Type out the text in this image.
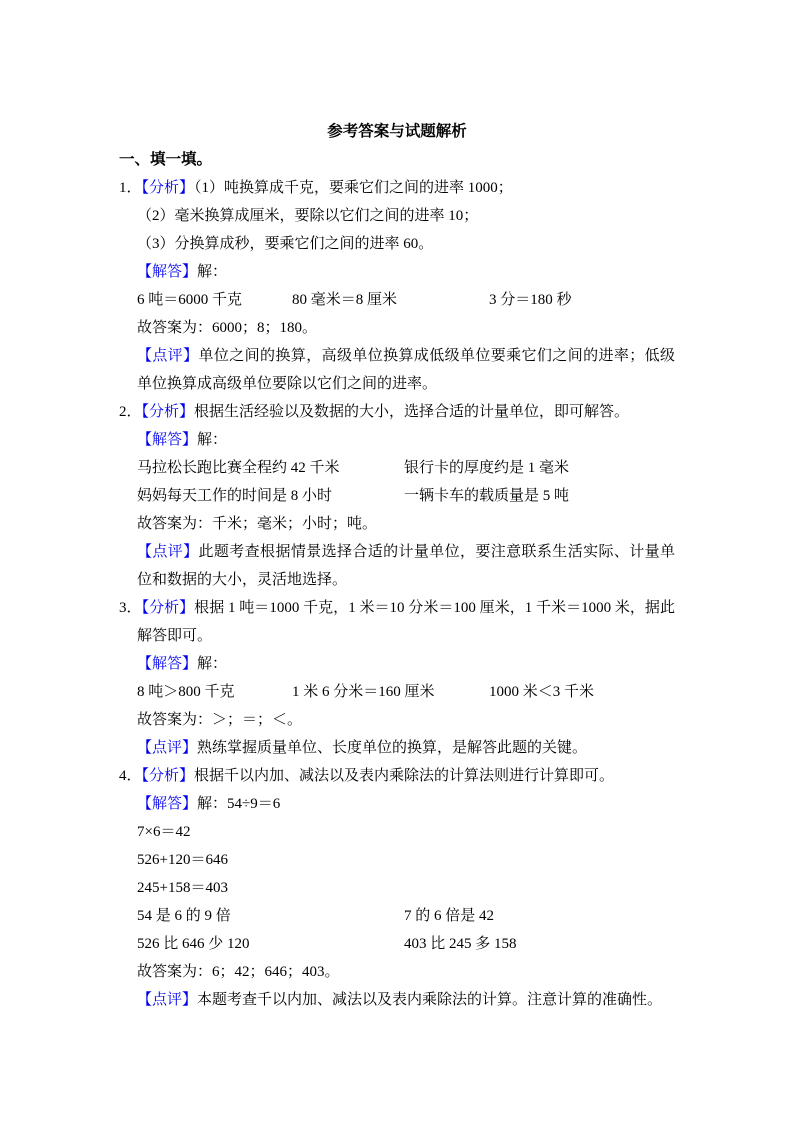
参考答案与试题解析

一、填一填。

1．【分析】（1）吨换算成千克，要乘它们之间的进率 1000；

（2）毫米换算成厘米，要除以它们之间的进率 10；

（3）分换算成秒，要乘它们之间的进率 60。

【解答】解：

6 吨＝6000 千克	80 毫米＝8 厘米	3 分＝180 秒

故答案为：6000；8；180。

【点评】单位之间的换算，高级单位换算成低级单位要乘它们之间的进率；低级单位换算成高级单位要除以它们之间的进率。

2．【分析】根据生活经验以及数据的大小，选择合适的计量单位，即可解答。

【解答】解：

马拉松长跑比赛全程约 42 千米	银行卡的厚度约是 1 毫米

妈妈每天工作的时间是 8 小时	一辆卡车的载质量是 5 吨

故答案为：千米；毫米；小时；吨。

【点评】此题考查根据情景选择合适的计量单位，要注意联系生活实际、计量单位和数据的大小，灵活地选择。

3．【分析】根据 1 吨＝1000 千克，1 米＝10 分米＝100 厘米，1 千米＝1000 米，据此解答即可。

【解答】解：

8 吨＞800 千克	1 米 6 分米＝160 厘米	1000 米＜3 千米

故答案为：＞；＝；＜。

【点评】熟练掌握质量单位、长度单位的换算，是解答此题的关键。

4．【分析】根据千以内加、减法以及表内乘除法的计算法则进行计算即可。

【解答】解：54÷9＝6

7×6＝42

526+120＝646

245+158＝403

54 是 6 的 9 倍	7 的 6 倍是 42

526 比 646 少 120	403 比 245 多 158

故答案为：6；42；646；403。

【点评】本题考查千以内加、减法以及表内乘除法的计算。注意计算的准确性。
